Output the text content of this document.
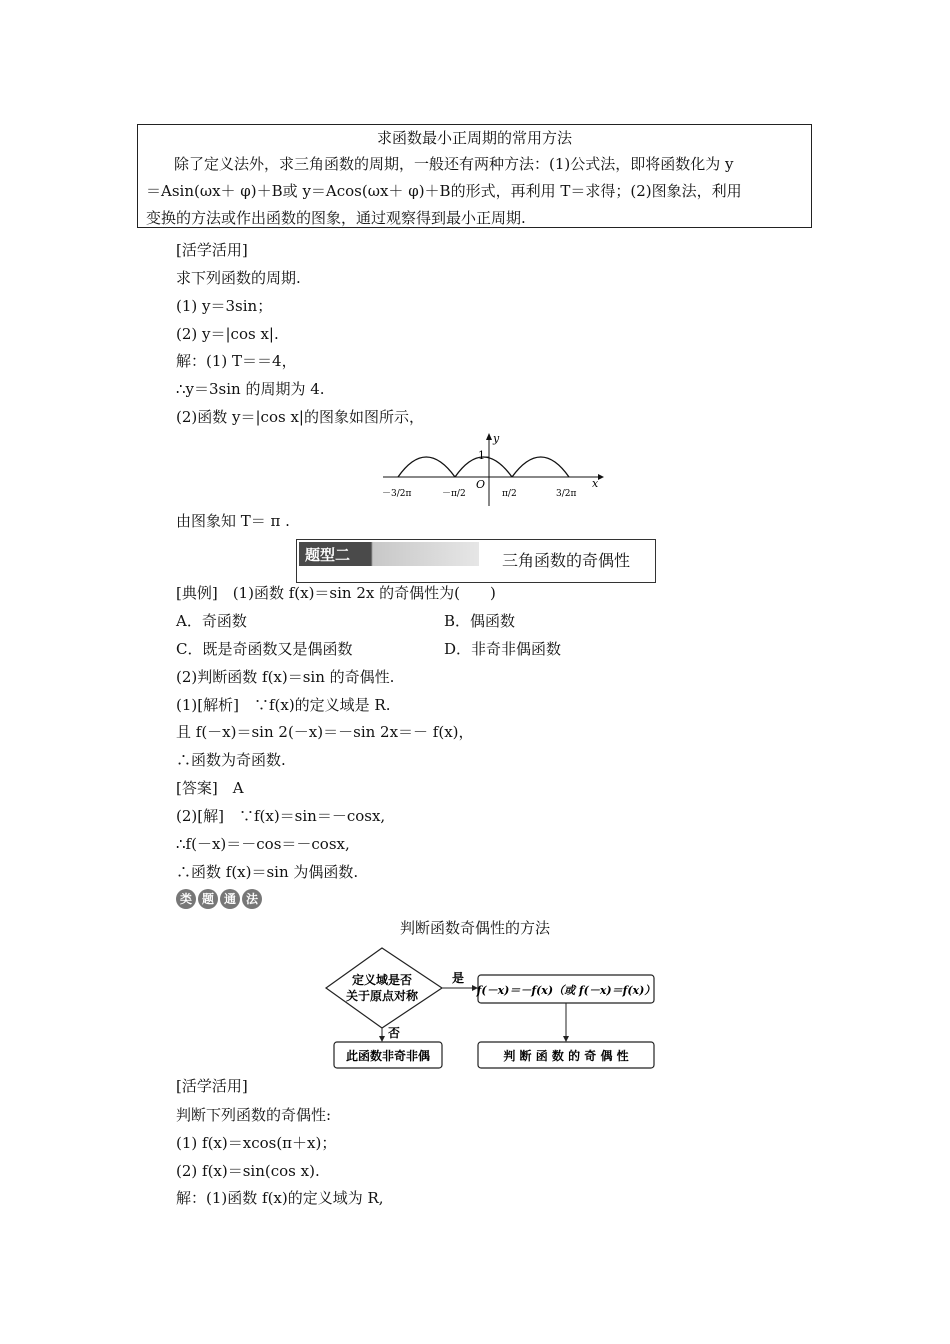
求函数最小正周期的常用方法
除了定义法外，求三角函数的周期，一般还有两种方法：(1)公式法，即将函数化为 y
＝Asin(ωx＋ φ)＋B或 y＝Acos(ωx＋ φ)＋B的形式，再利用 T＝求得；(2)图象法，利用
变换的方法或作出函数的图象，通过观察得到最小正周期.
[活学活用]
求下列函数的周期.
(1) y＝3sin；
(2) y＝|cos x|.
解：(1) T＝＝4，
∴y＝3sin 的周期为 4.
(2)函数 y＝|cos x|的图象如图所示，
y
x
1
O
－3/2π	－π/2	π/2	3/2π
由图象知 T＝ π .
题型二	三角函数的奇偶性
[典例]　(1)函数 f(x)＝sin 2x 的奇偶性为(　　)
A．奇函数	B．偶函数
C．既是奇函数又是偶函数	D．非奇非偶函数
(2)判断函数 f(x)＝sin 的奇偶性.
(1)[解析]　∵f(x)的定义域是 R.
且 f(－x)＝sin 2(－x)＝－sin 2x＝－ f(x)，
∴函数为奇函数.
[答案]　A
(2)[解]　∵f(x)＝sin＝－cosx,
∴f(－x)＝－cos＝－cosx,
∴函数 f(x)＝sin 为偶函数.
类 题 通 法
判断函数奇偶性的方法
定义域是否
关于原点对称
是
f(－x)＝－f(x)（或 f(－x)＝f(x)）
否
此函数非奇非偶	判 断 函 数 的 奇 偶 性
[活学活用]
判断下列函数的奇偶性:
(1) f(x)＝xcos(π＋x)；
(2) f(x)＝sin(cos x).
解：(1)函数 f(x)的定义域为 R,
